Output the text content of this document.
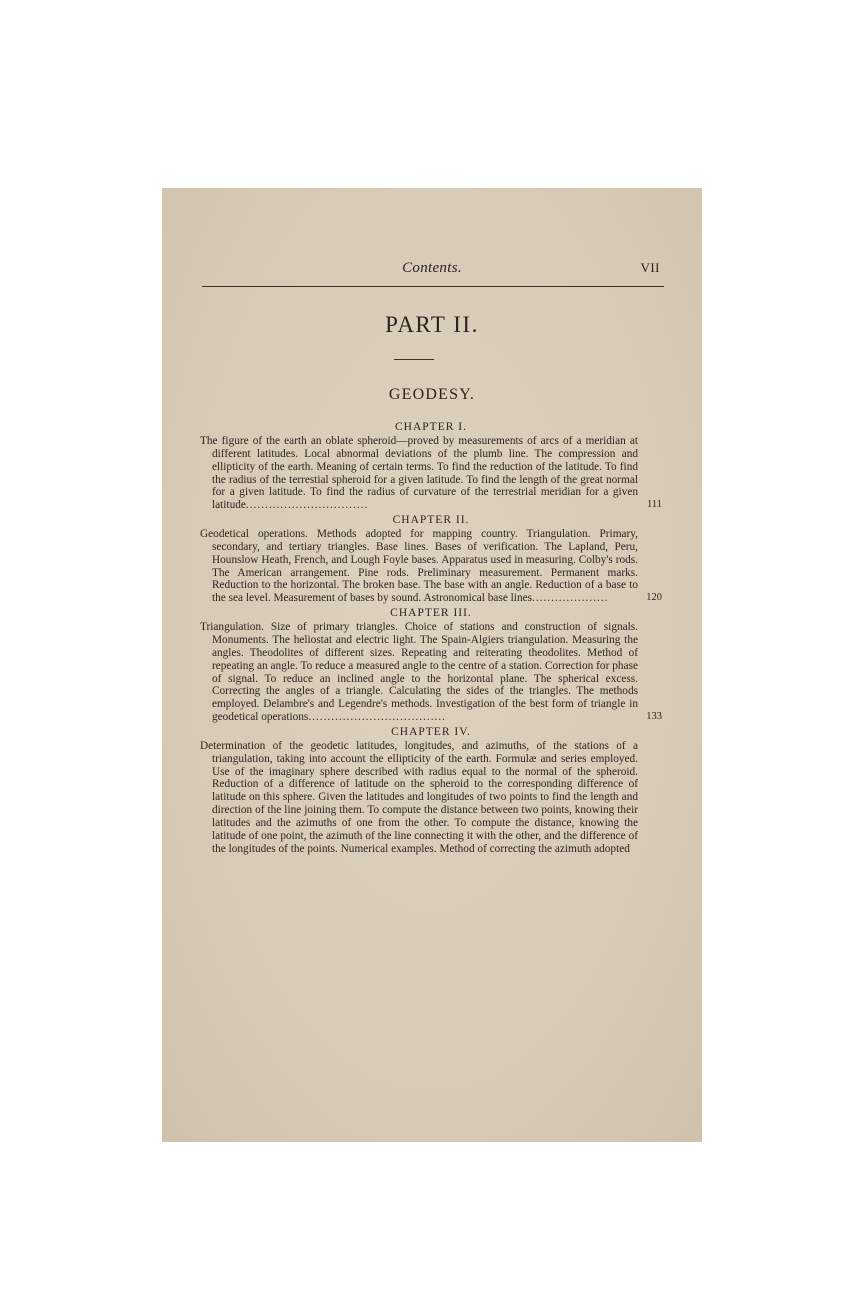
Contents.	VII
PART II.
GEODESY.
CHAPTER I.

The figure of the earth an oblate spheroid—proved by measurements of arcs of a meridian at different latitudes. Local abnormal deviations of the plumb line. The compression and ellipticity of the earth. Meaning of certain terms. To find the reduction of the latitude. To find the radius of the terrestial spheroid for a given latitude. To find the length of the great normal for a given latitude. To find the radius of curvature of the terrestrial meridian for a given latitude................................	111

CHAPTER II.

Geodetical operations. Methods adopted for mapping country. Triangulation. Primary, secondary, and tertiary triangles. Base lines. Bases of verification. The Lapland, Peru, Hounslow Heath, French, and Lough Foyle bases. Apparatus used in measuring. Colby's rods. The American arrangement. Pine rods. Preliminary measurement. Permanent marks. Reduction to the horizontal. The broken base. The base with an angle. Reduction of a base to the sea level. Measurement of bases by sound. Astronomical base lines....................	120

CHAPTER III.

Triangulation. Size of primary triangles. Choice of stations and construction of signals. Monuments. The heliostat and electric light. The Spain-Algiers triangulation. Measuring the angles. Theodolites of different sizes. Repeating and reiterating theodolites. Method of repeating an angle. To reduce a measured angle to the centre of a station. Correction for phase of signal. To reduce an inclined angle to the horizontal plane. The spherical excess. Correcting the angles of a triangle. Calculating the sides of the triangles. The methods employed. Delambre's and Legendre's methods. Investigation of the best form of triangle in geodetical operations....................................	133

CHAPTER IV.

Determination of the geodetic latitudes, longitudes, and azimuths, of the stations of a triangulation, taking into account the ellipticity of the earth. Formulæ and series employed. Use of the imaginary sphere described with radius equal to the normal of the spheroid. Reduction of a difference of latitude on the spheroid to the corresponding difference of latitude on this sphere. Given the latitudes and longitudes of two points to find the length and direction of the line joining them. To compute the distance between two points, knowing their latitudes and the azimuths of one from the other. To compute the distance, knowing the latitude of one point, the azimuth of the line connecting it with the other, and the difference of the longitudes of the points. Numerical examples. Method of correcting the azimuth adopted
